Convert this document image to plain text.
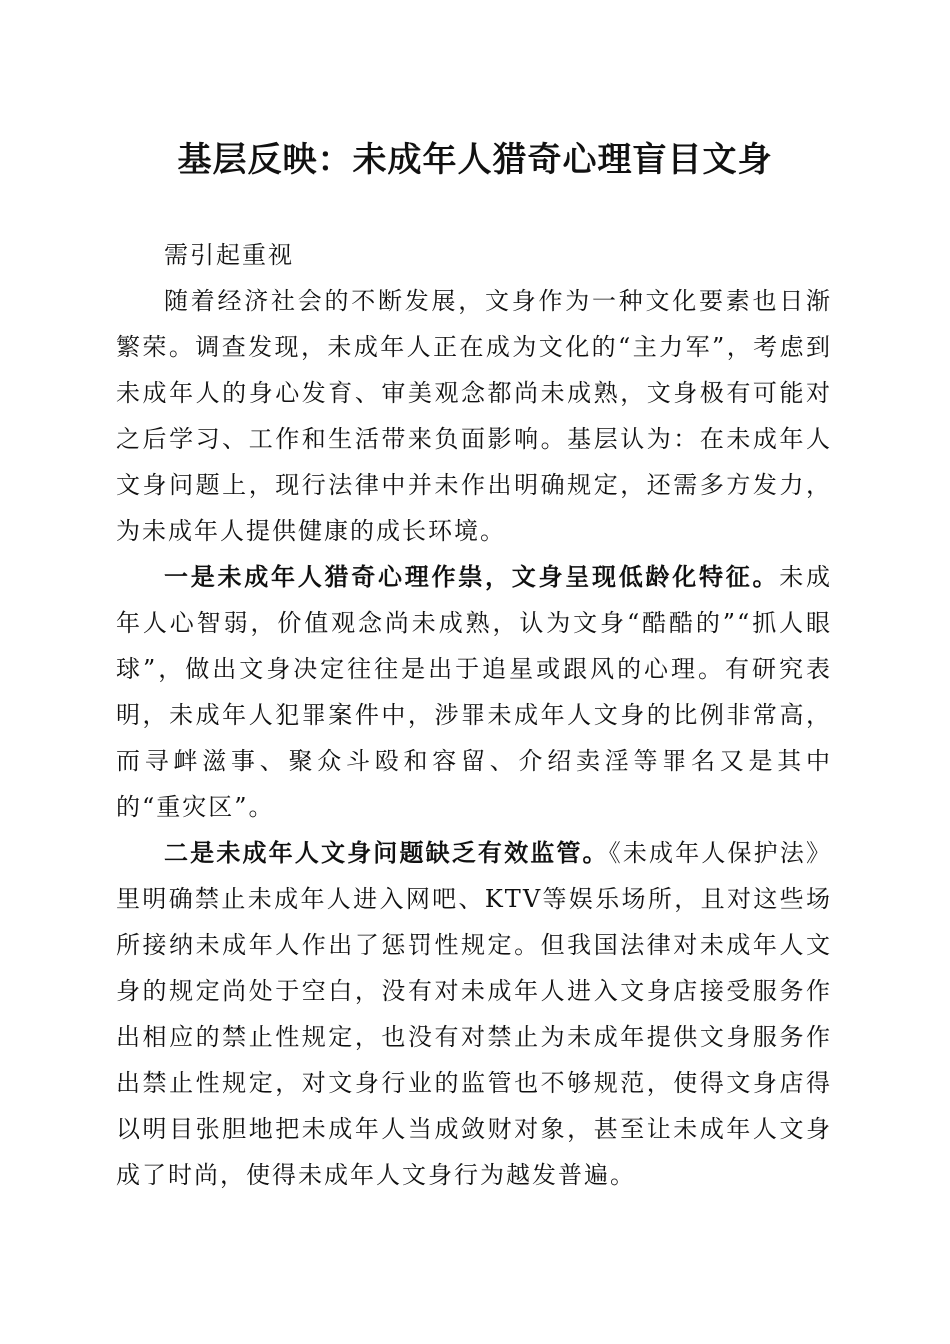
基层反映：未成年人猎奇心理盲目文身

需引起重视

随着经济社会的不断发展，文身作为一种文化要素也日渐繁荣。调查发现，未成年人正在成为文化的“主力军”，考虑到未成年人的身心发育、审美观念都尚未成熟，文身极有可能对之后学习、工作和生活带来负面影响。基层认为：在未成年人文身问题上，现行法律中并未作出明确规定，还需多方发力，为未成年人提供健康的成长环境。

一是未成年人猎奇心理作祟，文身呈现低龄化特征。未成年人心智弱，价值观念尚未成熟，认为文身“酷酷的”“抓人眼球”，做出文身决定往往是出于追星或跟风的心理。有研究表明，未成年人犯罪案件中，涉罪未成年人文身的比例非常高，而寻衅滋事、聚众斗殴和容留、介绍卖淫等罪名又是其中的“重灾区”。

二是未成年人文身问题缺乏有效监管。《未成年人保护法》里明确禁止未成年人进入网吧、KTV等娱乐场所，且对这些场所接纳未成年人作出了惩罚性规定。但我国法律对未成年人文身的规定尚处于空白，没有对未成年人进入文身店接受服务作出相应的禁止性规定，也没有对禁止为未成年提供文身服务作出禁止性规定，对文身行业的监管也不够规范，使得文身店得以明目张胆地把未成年人当成敛财对象，甚至让未成年人文身成了时尚，使得未成年人文身行为越发普遍。
